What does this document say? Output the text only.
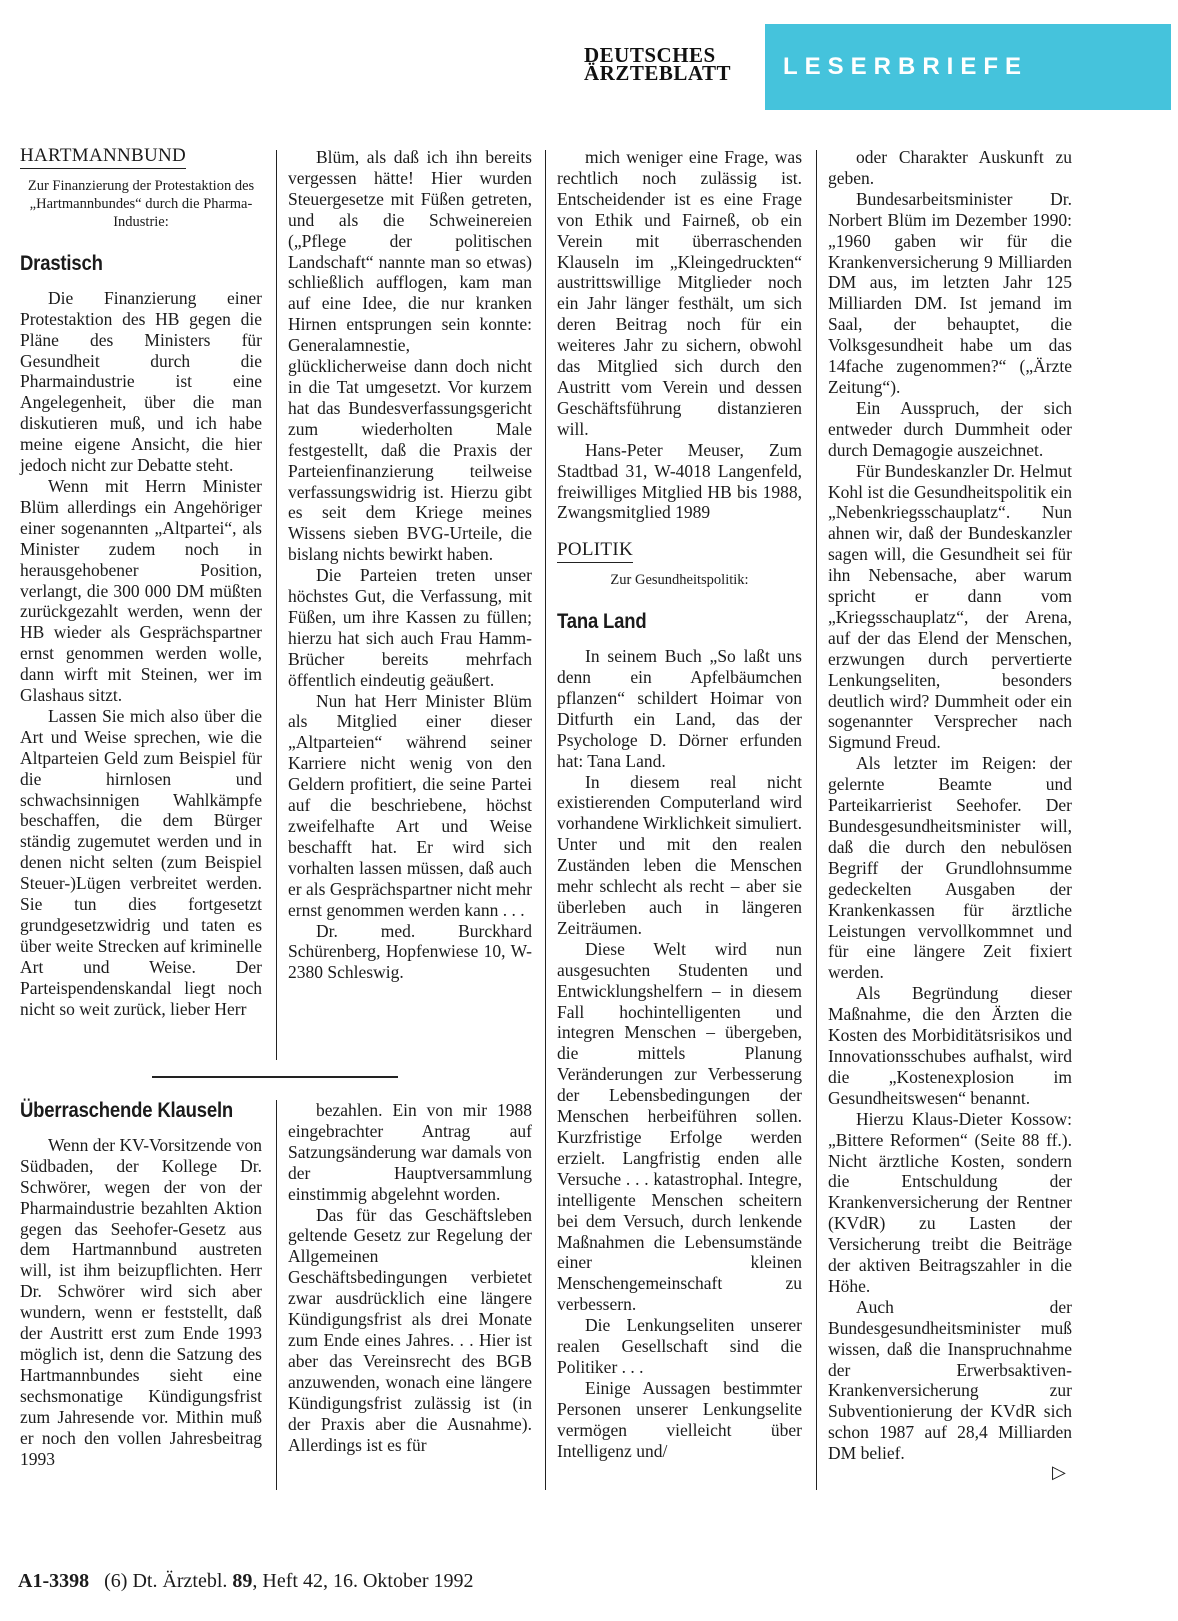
DEUTSCHES
ÄRZTEBLATT LESERBRIEFE
HARTMANNBUND
Zur Finanzierung der Protestaktion des „Hartmannbundes“ durch die Pharma-Industrie:
Drastisch

Die Finanzierung einer Protestaktion des HB gegen die Pläne des Ministers für Gesundheit durch die Pharmaindustrie ist eine Angelegenheit, über die man diskutieren muß, und ich habe meine eigene Ansicht, die hier jedoch nicht zur Debatte steht.

Wenn mit Herrn Minister Blüm allerdings ein Angehöriger einer sogenannten „Altpartei“, als Minister zudem noch in herausgehobener Position, verlangt, die 300 000 DM müßten zurückgezahlt werden, wenn der HB wieder als Gesprächspartner ernst genommen werden wolle, dann wirft mit Steinen, wer im Glashaus sitzt.

Lassen Sie mich also über die Art und Weise sprechen, wie die Altparteien Geld zum Beispiel für die hirnlosen und schwachsinnigen Wahlkämpfe beschaffen, die dem Bürger ständig zugemutet werden und in denen nicht selten (zum Beispiel Steuer-)Lügen verbreitet werden. Sie tun dies fortgesetzt grundgesetzwidrig und taten es über weite Strecken auf kriminelle Art und Weise. Der Parteispendenskandal liegt noch nicht so weit zurück, lieber Herr

Blüm, als daß ich ihn bereits vergessen hätte! Hier wurden Steuergesetze mit Füßen getreten, und als die Schweinereien („Pflege der politischen Landschaft“ nannte man so etwas) schließlich aufflogen, kam man auf eine Idee, die nur kranken Hirnen entsprungen sein konnte: Generalamnestie, glücklicherweise dann doch nicht in die Tat umgesetzt. Vor kurzem hat das Bundesverfassungsgericht zum wiederholten Male festgestellt, daß die Praxis der Parteienfinanzierung teilweise verfassungswidrig ist. Hierzu gibt es seit dem Kriege meines Wissens sieben BVG-Urteile, die bislang nichts bewirkt haben.

Die Parteien treten unser höchstes Gut, die Verfassung, mit Füßen, um ihre Kassen zu füllen; hierzu hat sich auch Frau Hamm-Brücher bereits mehrfach öffentlich eindeutig geäußert.

Nun hat Herr Minister Blüm als Mitglied einer dieser „Altparteien“ während seiner Karriere nicht wenig von den Geldern profitiert, die seine Partei auf die beschriebene, höchst zweifelhafte Art und Weise beschafft hat. Er wird sich vorhalten lassen müssen, daß auch er als Gesprächspartner nicht mehr ernst genommen werden kann . . .

Dr. med. Burckhard Schürenberg, Hopfenwiese 10, W-2380 Schleswig.

Überraschende Klauseln

Wenn der KV-Vorsitzende von Südbaden, der Kollege Dr. Schwörer, wegen der von der Pharmaindustrie bezahlten Aktion gegen das Seehofer-Gesetz aus dem Hartmannbund austreten will, ist ihm beizupflichten. Herr Dr. Schwörer wird sich aber wundern, wenn er feststellt, daß der Austritt erst zum Ende 1993 möglich ist, denn die Satzung des Hartmannbundes sieht eine sechsmonatige Kündigungsfrist zum Jahresende vor. Mithin muß er noch den vollen Jahresbeitrag 1993

bezahlen. Ein von mir 1988 eingebrachter Antrag auf Satzungsänderung war damals von der Hauptversammlung einstimmig abgelehnt worden.

Das für das Geschäftsleben geltende Gesetz zur Regelung der Allgemeinen Geschäftsbedingungen verbietet zwar ausdrücklich eine längere Kündigungsfrist als drei Monate zum Ende eines Jahres. . . Hier ist aber das Vereinsrecht des BGB anzuwenden, wonach eine längere Kündigungsfrist zulässig ist (in der Praxis aber die Ausnahme). Allerdings ist es für

mich weniger eine Frage, was rechtlich noch zulässig ist. Entscheidender ist es eine Frage von Ethik und Fairneß, ob ein Verein mit überraschenden Klauseln im „Kleingedruckten“ austrittswillige Mitglieder noch ein Jahr länger festhält, um sich deren Beitrag noch für ein weiteres Jahr zu sichern, obwohl das Mitglied sich durch den Austritt vom Verein und dessen Geschäftsführung distanzieren will.

Hans-Peter Meuser, Zum Stadtbad 31, W-4018 Langenfeld, freiwilliges Mitglied HB bis 1988, Zwangsmitglied 1989

POLITIK
Zur Gesundheitspolitik:
Tana Land

In seinem Buch „So laßt uns denn ein Apfelbäumchen pflanzen“ schildert Hoimar von Ditfurth ein Land, das der Psychologe D. Dörner erfunden hat: Tana Land.

In diesem real nicht existierenden Computerland wird vorhandene Wirklichkeit simuliert. Unter und mit den realen Zuständen leben die Menschen mehr schlecht als recht – aber sie überleben auch in längeren Zeiträumen.

Diese Welt wird nun ausgesuchten Studenten und Entwicklungshelfern – in diesem Fall hochintelligenten und integren Menschen – übergeben, die mittels Planung Veränderungen zur Verbesserung der Lebensbedingungen der Menschen herbeiführen sollen. Kurzfristige Erfolge werden erzielt. Langfristig enden alle Versuche . . . katastrophal. Integre, intelligente Menschen scheitern bei dem Versuch, durch lenkende Maßnahmen die Lebensumstände einer kleinen Menschengemeinschaft zu verbessern.

Die Lenkungseliten unserer realen Gesellschaft sind die Politiker . . .

Einige Aussagen bestimmter Personen unserer Lenkungselite vermögen vielleicht über Intelligenz und/

oder Charakter Auskunft zu geben.

Bundesarbeitsminister Dr. Norbert Blüm im Dezember 1990: „1960 gaben wir für die Krankenversicherung 9 Milliarden DM aus, im letzten Jahr 125 Milliarden DM. Ist jemand im Saal, der behauptet, die Volksgesundheit habe um das 14fache zugenommen?“ („Ärzte Zeitung“).

Ein Ausspruch, der sich entweder durch Dummheit oder durch Demagogie auszeichnet.

Für Bundeskanzler Dr. Helmut Kohl ist die Gesundheitspolitik ein „Nebenkriegsschauplatz“. Nun ahnen wir, daß der Bundeskanzler sagen will, die Gesundheit sei für ihn Nebensache, aber warum spricht er dann vom „Kriegsschauplatz“, der Arena, auf der das Elend der Menschen, erzwungen durch pervertierte Lenkungseliten, besonders deutlich wird? Dummheit oder ein sogenannter Versprecher nach Sigmund Freud.

Als letzter im Reigen: der gelernte Beamte und Parteikarrierist Seehofer. Der Bundesgesundheitsminister will, daß die durch den nebulösen Begriff der Grundlohnsumme gedeckelten Ausgaben der Krankenkassen für ärztliche Leistungen vervollkommnet und für eine längere Zeit fixiert werden.

Als Begründung dieser Maßnahme, die den Ärzten die Kosten des Morbiditätsrisikos und Innovationsschubes aufhalst, wird die „Kostenexplosion im Gesundheitswesen“ benannt.

Hierzu Klaus-Dieter Kossow: „Bittere Reformen“ (Seite 88 ff.). Nicht ärztliche Kosten, sondern die Entschuldung der Krankenversicherung der Rentner (KVdR) zu Lasten der Versicherung treibt die Beiträge der aktiven Beitragszahler in die Höhe.

Auch der Bundesgesundheitsminister muß wissen, daß die Inanspruchnahme der Erwerbsaktiven-Krankenversicherung zur Subventionierung der KVdR sich schon 1987 auf 28,4 Milliarden DM belief.

▷
A1-3398 (6) Dt. Ärztebl. 89, Heft 42, 16. Oktober 1992
